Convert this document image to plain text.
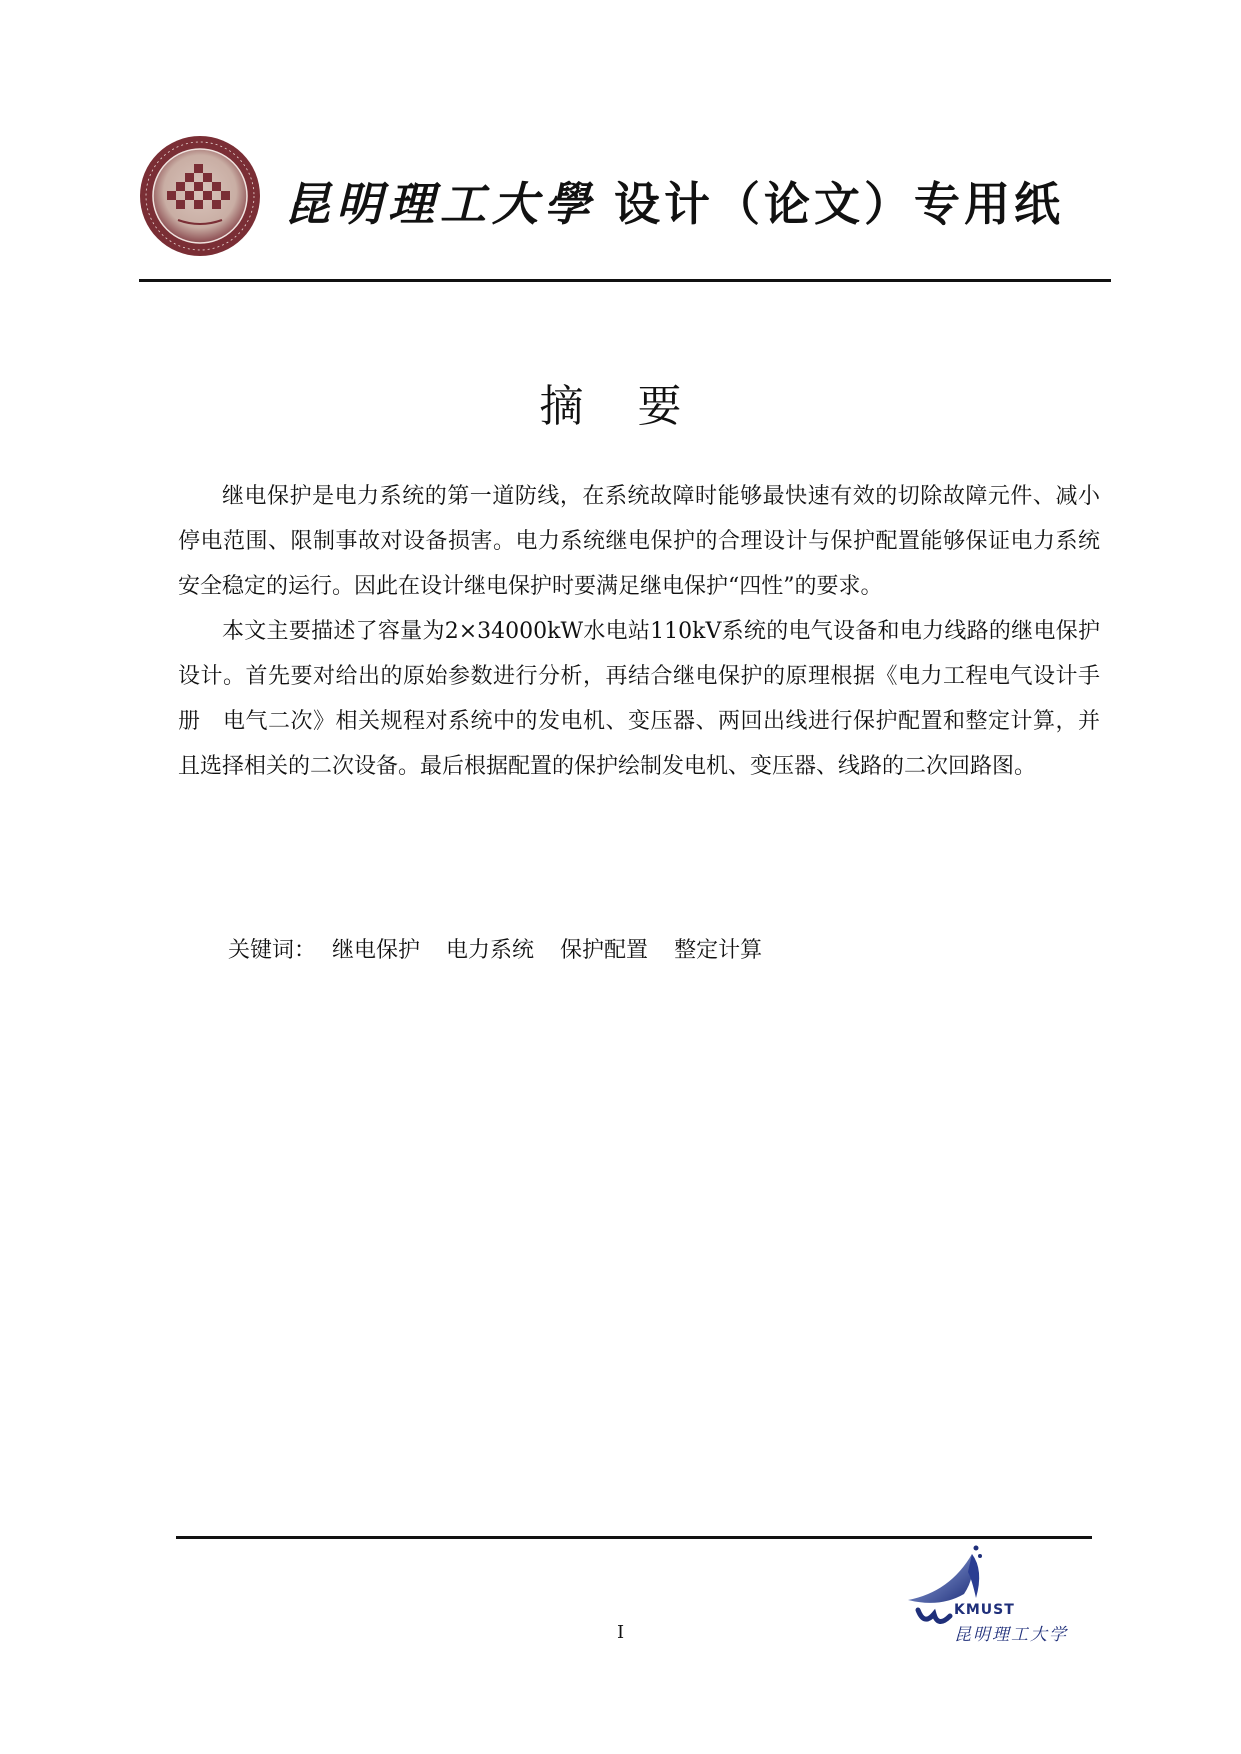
昆明理工大學 设计（论文）专用纸
摘 要

继电保护是电力系统的第一道防线，在系统故障时能够最快速有效的切除故障元件、减小停电范围、限制事故对设备损害。电力系统继电保护的合理设计与保护配置能够保证电力系统安全稳定的运行。因此在设计继电保护时要满足继电保护“四性”的要求。

本文主要描述了容量为2×34000kW水电站110kV系统的电气设备和电力线路的继电保护设计。首先要对给出的原始参数进行分析，再结合继电保护的原理根据《电力工程电气设计手册　电气二次》相关规程对系统中的发电机、变压器、两回出线进行保护配置和整定计算，并且选择相关的二次设备。最后根据配置的保护绘制发电机、变压器、线路的二次回路图。

关键词： 继电保护 电力系统 保护配置 整定计算
KMUST
昆明理工大学
I
